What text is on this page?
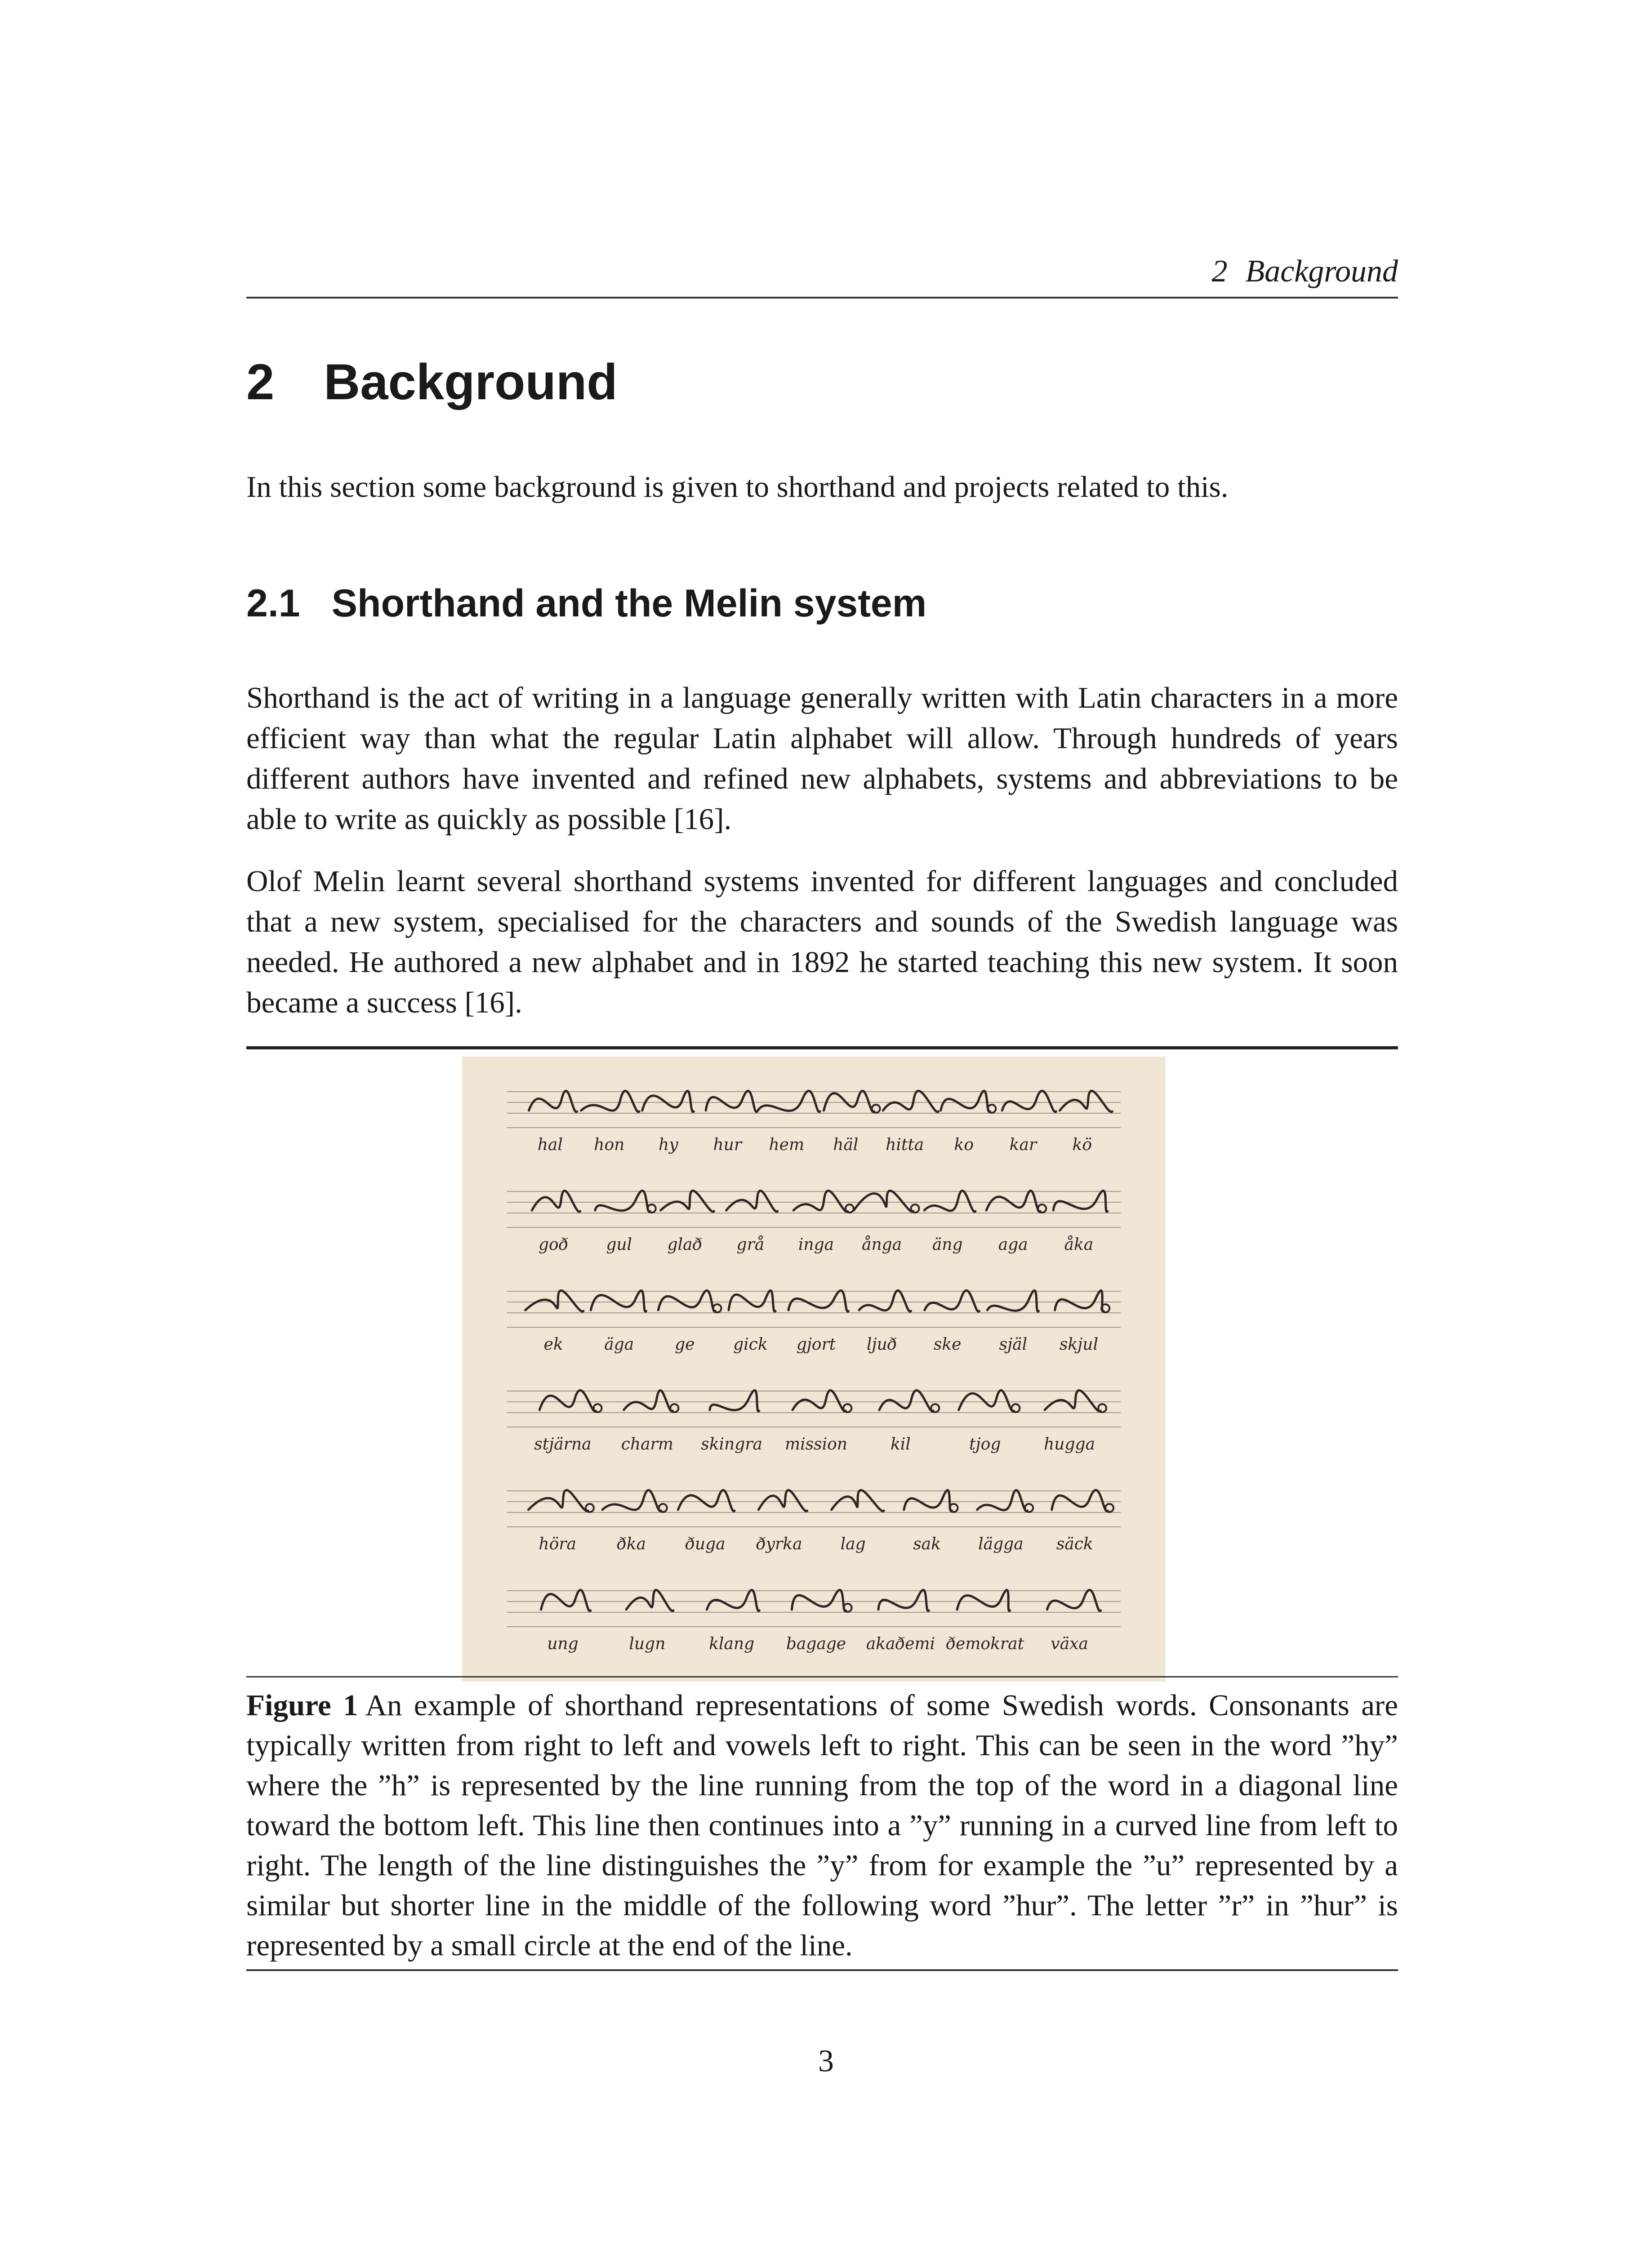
2 Background
2 Background

In this section some background is given to shorthand and projects related to this.

2.1 Shorthand and the Melin system

Shorthand is the act of writing in a language generally written with Latin characters in a more efficient way than what the regular Latin alphabet will allow. Through hundreds of years different authors have invented and refined new alphabets, systems and abbreviations to be able to write as quickly as possible [16].

Olof Melin learnt several shorthand systems invented for different languages and concluded that a new system, specialised for the characters and sounds of the Swedish language was needed. He authored a new alphabet and in 1892 he started teaching this new system. It soon became a success [16].

hal hon hy hur hem häl hitta ko kar kö
goð gul glað grå inga ånga äng aga åka
ek	äga	ge gick gjort ljuð ske själ skjul
stjärna charm skingra mission	kil	tjog	hugga
höra	ðka ðuga ðyrka lag	sak lägga säck
ung	lugn	klang bagage akaðemi ðemokrat växa
Figure 1 An example of shorthand representations of some Swedish words. Consonants are typically written from right to left and vowels left to right. This can be seen in the word ”hy” where the ”h” is represented by the line running from the top of the word in a diagonal line toward the bottom left. This line then continues into a ”y” running in a curved line from left to right. The length of the line distinguishes the ”y” from for example the ”u” represented by a similar but shorter line in the middle of the following word ”hur”. The letter ”r” in ”hur” is represented by a small circle at the end of the line.
3
